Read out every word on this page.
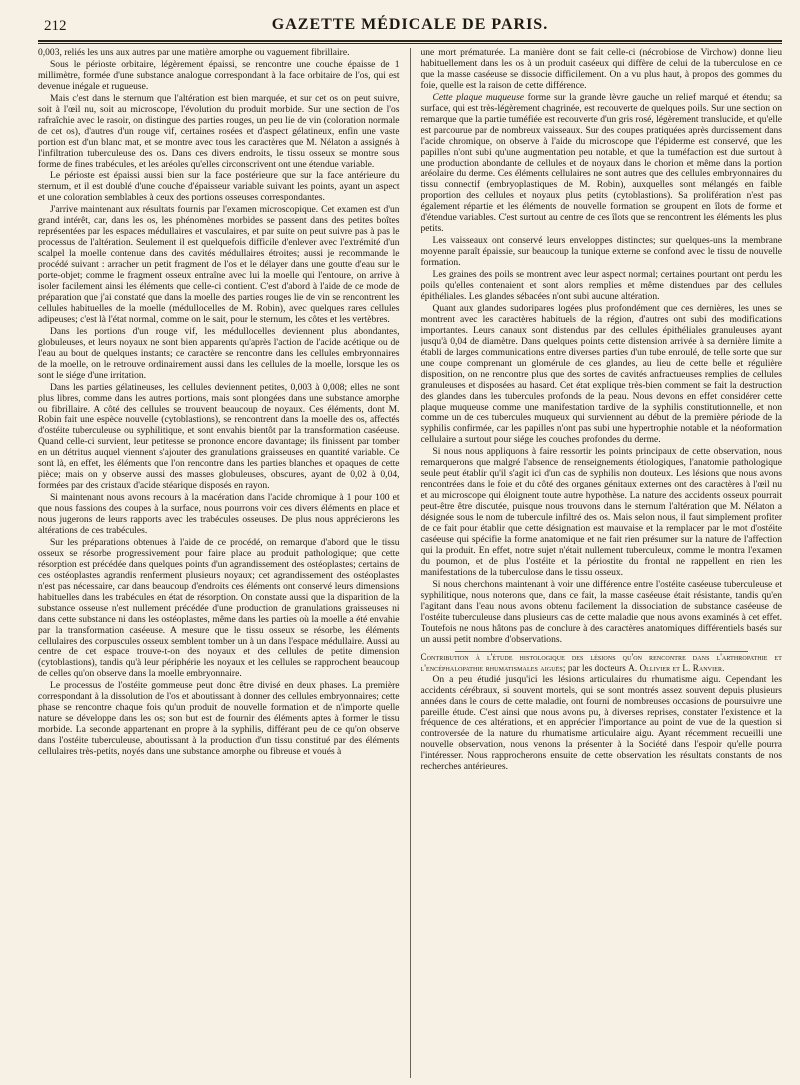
212	GAZETTE MÉDICALE DE PARIS.

0,003, reliés les uns aux autres par une matière amorphe ou vaguement fibrillaire.

Sous le périoste orbitaire, légèrement épaissi, se rencontre une couche épaisse de 1 millimètre, formée d'une substance analogue correspondant à la face orbitaire de l'os, qui est devenue inégale et rugueuse.

Mais c'est dans le sternum que l'altération est bien marquée, et sur cet os on peut suivre, soit à l'œil nu, soit au microscope, l'évolution du produit morbide. Sur une section de l'os rafraîchie avec le rasoir, on distingue des parties rouges, un peu lie de vin (coloration normale de cet os), d'autres d'un rouge vif, certaines rosées et d'aspect gélatineux, enfin une vaste portion est d'un blanc mat, et se montre avec tous les caractères que M. Nélaton a assignés à l'infiltration tuberculeuse des os. Dans ces divers endroits, le tissu osseux se montre sous forme de fines trabécules, et les aréoles qu'elles circonscrivent ont une étendue variable.

Le périoste est épaissi aussi bien sur la face postérieure que sur la face antérieure du sternum, et il est doublé d'une couche d'épaisseur variable suivant les points, ayant un aspect et une coloration semblables à ceux des portions osseuses correspondantes.

J'arrive maintenant aux résultats fournis par l'examen microscopique. Cet examen est d'un grand intérêt, car, dans les os, les phénomènes morbides se passent dans des petites boîtes représentées par les espaces médullaires et vasculaires, et par suite on peut suivre pas à pas le processus de l'altération. Seulement il est quelquefois difficile d'enlever avec l'extrémité d'un scalpel la moelle contenue dans des cavités médullaires étroites; aussi je recommande le procédé suivant : arracher un petit fragment de l'os et le délayer dans une goutte d'eau sur le porte-objet; comme le fragment osseux entraîne avec lui la moelle qui l'entoure, on arrive à isoler facilement ainsi les éléments que celle-ci contient. C'est d'abord à l'aide de ce mode de préparation que j'ai constaté que dans la moelle des parties rouges lie de vin se rencontrent les cellules habituelles de la moelle (médullocelles de M. Robin), avec quelques rares cellules adipeuses; c'est là l'état normal, comme on le sait, pour le sternum, les côtes et les vertèbres.

Dans les portions d'un rouge vif, les médullocelles deviennent plus abondantes, globuleuses, et leurs noyaux ne sont bien apparents qu'après l'action de l'acide acétique ou de l'eau au bout de quelques instants; ce caractère se rencontre dans les cellules embryonnaires de la moelle, on le retrouve ordinairement aussi dans les cellules de la moelle, lorsque les os sont le siége d'une irritation.

Dans les parties gélatineuses, les cellules deviennent petites, 0,003 à 0,008; elles ne sont plus libres, comme dans les autres portions, mais sont plongées dans une substance amorphe ou fibrillaire. A côté des cellules se trouvent beaucoup de noyaux. Ces éléments, dont M. Robin fait une espèce nouvelle (cytoblastions), se rencontrent dans la moelle des os, affectés d'ostéite tuberculeuse ou syphilitique, et sont envahis bientôt par la transformation caséeuse. Quand celle-ci survient, leur petitesse se prononce encore davantage; ils finissent par tomber en un détritus auquel viennent s'ajouter des granulations graisseuses en quantité variable. Ce sont là, en effet, les éléments que l'on rencontre dans les parties blanches et opaques de cette pièce; mais on y observe aussi des masses globuleuses, obscures, ayant de 0,02 à 0,04, formées par des cristaux d'acide stéarique disposés en rayon.

Si maintenant nous avons recours à la macération dans l'acide chromique à 1 pour 100 et que nous fassions des coupes à la surface, nous pourrons voir ces divers éléments en place et nous jugerons de leurs rapports avec les trabécules osseuses. De plus nous apprécierons les altérations de ces trabécules.

Sur les préparations obtenues à l'aide de ce procédé, on remarque d'abord que le tissu osseux se résorbe progressivement pour faire place au produit pathologique; que cette résorption est précédée dans quelques points d'un agrandissement des ostéoplastes; certains de ces ostéoplastes agrandis renferment plusieurs noyaux; cet agrandissement des ostéoplastes n'est pas nécessaire, car dans beaucoup d'endroits ces éléments ont conservé leurs dimensions habituelles dans les trabécules en état de résorption. On constate aussi que la disparition de la substance osseuse n'est nullement précédée d'une production de granulations graisseuses ni dans cette substance ni dans les ostéoplastes, même dans les parties où la moelle a été envahie par la transformation caséeuse. A mesure que le tissu osseux se résorbe, les éléments cellulaires des corpuscules osseux semblent tomber un à un dans l'espace médullaire. Aussi au centre de cet espace trouve-t-on des noyaux et des cellules de petite dimension (cytoblastions), tandis qu'à leur périphérie les noyaux et les cellules se rapprochent beaucoup de celles qu'on observe dans la moelle embryonnaire.

Le processus de l'ostéite gommeuse peut donc être divisé en deux phases. La première correspondant à la dissolution de l'os et aboutissant à donner des cellules embryonnaires; cette phase se rencontre chaque fois qu'un produit de nouvelle formation et de n'importe quelle nature se développe dans les os; son but est de fournir des éléments aptes à former le tissu morbide. La seconde appartenant en propre à la syphilis, différant peu de ce qu'on observe dans l'ostéite tuberculeuse, aboutissant à la production d'un tissu constitué par des éléments cellulaires très-petits, noyés dans une substance amorphe ou fibreuse et voués à

une mort prématurée. La manière dont se fait celle-ci (nécrobiose de Virchow) donne lieu habituellement dans les os à un produit caséeux qui diffère de celui de la tuberculose en ce que la masse caséeuse se dissocie difficilement. On a vu plus haut, à propos des gommes du foie, quelle est la raison de cette différence.

Cette plaque muqueuse forme sur la grande lèvre gauche un relief marqué et étendu; sa surface, qui est très-légèrement chagrinée, est recouverte de quelques poils. Sur une section on remarque que la partie tuméfiée est recouverte d'un gris rosé, légèrement translucide, et qu'elle est parcourue par de nombreux vaisseaux. Sur des coupes pratiquées après durcissement dans l'acide chromique, on observe à l'aide du microscope que l'épiderme est conservé, que les papilles n'ont subi qu'une augmentation peu notable, et que la tuméfaction est due surtout à une production abondante de cellules et de noyaux dans le chorion et même dans la portion aréolaire du derme. Ces éléments cellulaires ne sont autres que des cellules embryonnaires du tissu connectif (embryoplastiques de M. Robin), auxquelles sont mélangés en faible proportion des cellules et noyaux plus petits (cytoblastions). Sa prolifération n'est pas également répartie et les éléments de nouvelle formation se groupent en îlots de forme et d'étendue variables. C'est surtout au centre de ces îlots que se rencontrent les éléments les plus petits.

Les vaisseaux ont conservé leurs enveloppes distinctes; sur quelques-uns la membrane moyenne paraît épaissie, sur beaucoup la tunique externe se confond avec le tissu de nouvelle formation.

Les graines des poils se montrent avec leur aspect normal; certaines pourtant ont perdu les poils qu'elles contenaient et sont alors remplies et même distendues par des cellules épithéliales. Les glandes sébacées n'ont subi aucune altération.

Quant aux glandes sudoripares logées plus profondément que ces dernières, les unes se montrent avec les caractères habituels de la région, d'autres ont subi des modifications importantes. Leurs canaux sont distendus par des cellules épithéliales granuleuses ayant jusqu'à 0,04 de diamètre. Dans quelques points cette distension arrivée à sa dernière limite a établi de larges communications entre diverses parties d'un tube enroulé, de telle sorte que sur une coupe comprenant un glomérule de ces glandes, au lieu de cette belle et régulière disposition, on ne rencontre plus que des sortes de cavités anfractueuses remplies de cellules granuleuses et disposées au hasard. Cet état explique très-bien comment se fait la destruction des glandes dans les tubercules profonds de la peau. Nous devons en effet considérer cette plaque muqueuse comme une manifestation tardive de la syphilis constitutionnelle, et non comme un de ces tubercules muqueux qui surviennent au début de la première période de la syphilis confirmée, car les papilles n'ont pas subi une hypertrophie notable et la néoformation cellulaire a surtout pour siége les couches profondes du derme.

Si nous nous appliquons à faire ressortir les points principaux de cette observation, nous remarquerons que malgré l'absence de renseignements étiologiques, l'anatomie pathologique seule peut établir qu'il s'agit ici d'un cas de syphilis non douteux. Les lésions que nous avons rencontrées dans le foie et du côté des organes génitaux externes ont des caractères à l'œil nu et au microscope qui éloignent toute autre hypothèse. La nature des accidents osseux pourrait peut-être être discutée, puisque nous trouvons dans le sternum l'altération que M. Nélaton a désignée sous le nom de tubercule infiltré des os. Mais selon nous, il faut simplement profiter de ce fait pour établir que cette désignation est mauvaise et la remplacer par le mot d'ostéite caséeuse qui spécifie la forme anatomique et ne fait rien présumer sur la nature de l'affection qui la produit. En effet, notre sujet n'était nullement tuberculeux, comme le montra l'examen du poumon, et de plus l'ostéite et la périostite du frontal ne rappellent en rien les manifestations de la tuberculose dans le tissu osseux.

Si nous cherchons maintenant à voir une différence entre l'ostéite caséeuse tuberculeuse et syphilitique, nous noterons que, dans ce fait, la masse caséeuse était résistante, tandis qu'en l'agitant dans l'eau nous avons obtenu facilement la dissociation de substance caséeuse de l'ostéite tuberculeuse dans plusieurs cas de cette maladie que nous avons examinés à cet effet. Toutefois ne nous hâtons pas de conclure à des caractères anatomiques différentiels basés sur un aussi petit nombre d'observations.

Contribution à l'étude histologique des lésions qu'on rencontre dans l'arthropathie et l'encéphalopathie rhumatismales aiguës; par les docteurs A. Ollivier et L. Ranvier.

On a peu étudié jusqu'ici les lésions articulaires du rhumatisme aigu. Cependant les accidents cérébraux, si souvent mortels, qui se sont montrés assez souvent depuis plusieurs années dans le cours de cette maladie, ont fourni de nombreuses occasions de poursuivre une pareille étude. C'est ainsi que nous avons pu, à diverses reprises, constater l'existence et la fréquence de ces altérations, et en apprécier l'importance au point de vue de la question si controversée de la nature du rhumatisme articulaire aigu. Ayant récemment recueilli une nouvelle observation, nous venons la présenter à la Société dans l'espoir qu'elle pourra l'intéresser. Nous rapprocherons ensuite de cette observation les résultats constants de nos recherches antérieures.
